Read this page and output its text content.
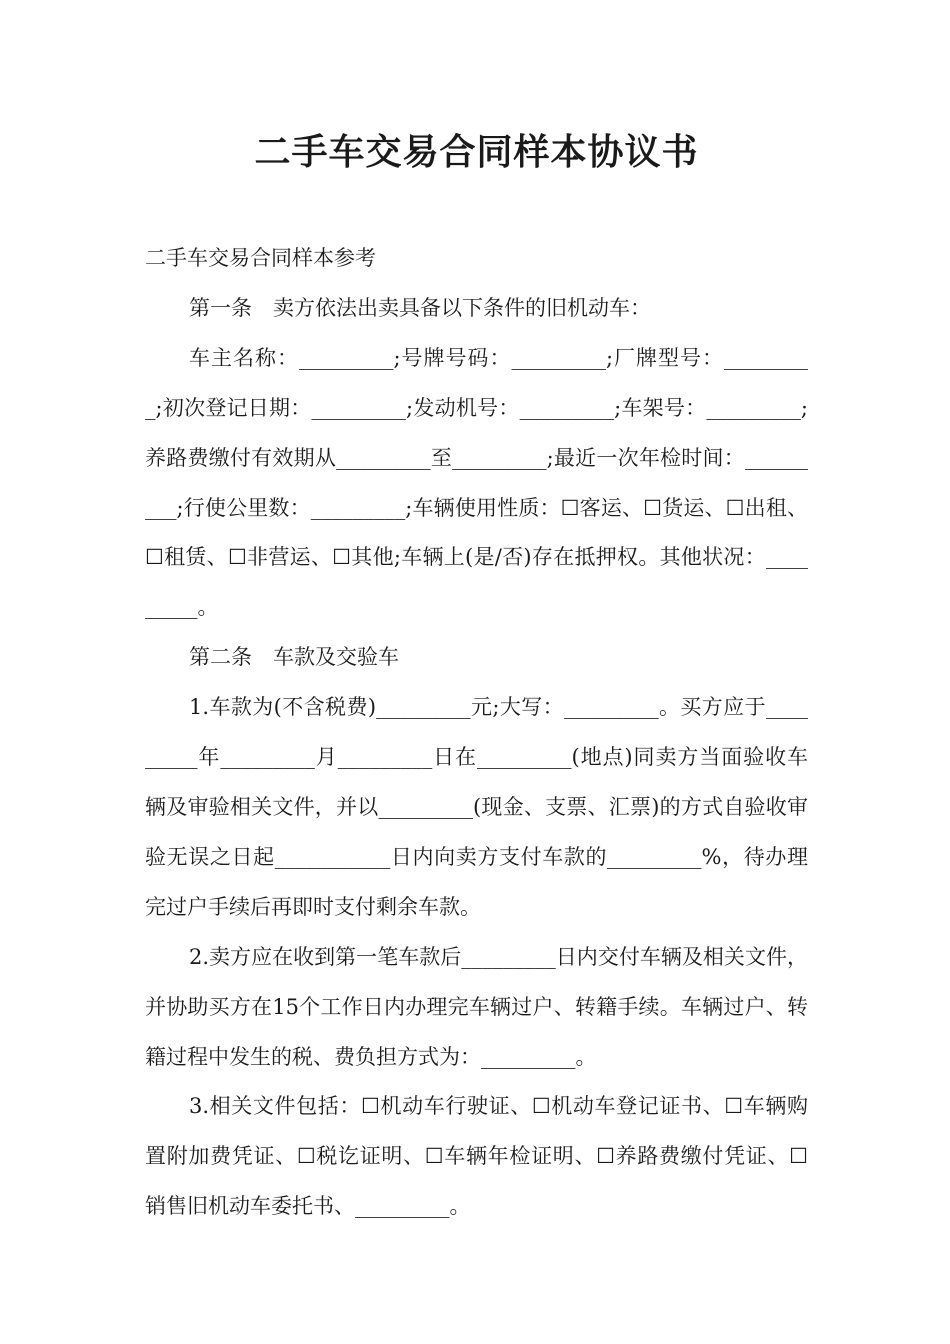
二手车交易合同样本协议书

二手车交易合同样本参考

第一条　卖方依法出卖具备以下条件的旧机动车：

车主名称：_________;号牌号码：_________;厂牌型号：_________;初次登记日期：_________;发动机号：_________;车架号：_________;养路费缴付有效期从_________至_________;最近一次年检时间：_________;行使公里数：_________;车辆使用性质：☐客运、☐货运、☐出租、☐租赁、☐非营运、☐其他;车辆上(是/否)存在抵押权。其他状况：_________。

第二条　车款及交验车

1.车款为(不含税费)_________元;大写：_________。买方应于_________年_________月_________日在_________(地点)同卖方当面验收车辆及审验相关文件，并以_________(现金、支票、汇票)的方式自验收审验无误之日起___________日内向卖方支付车款的_________%，待办理完过户手续后再即时支付剩余车款。

2.卖方应在收到第一笔车款后_________日内交付车辆及相关文件，并协助买方在15个工作日内办理完车辆过户、转籍手续。车辆过户、转籍过程中发生的税、费负担方式为：_________。

3.相关文件包括：☐机动车行驶证、☐机动车登记证书、☐车辆购置附加费凭证、☐税讫证明、☐车辆年检证明、☐养路费缴付凭证、☐销售旧机动车委托书、_________。
